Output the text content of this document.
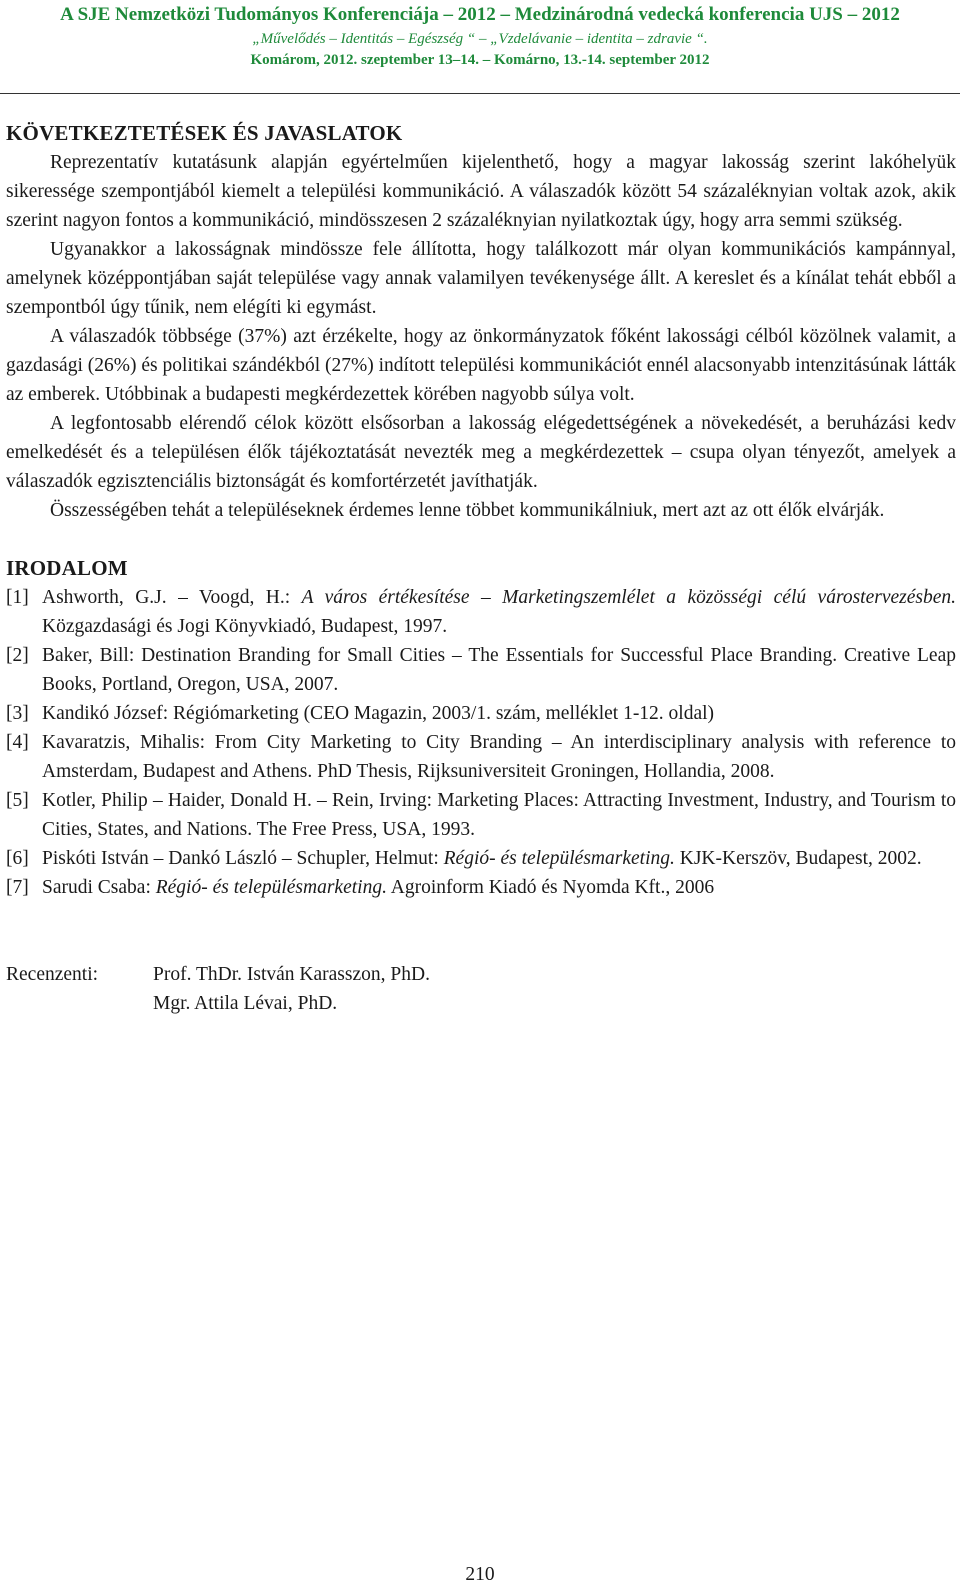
A SJE Nemzetközi Tudományos Konferenciája – 2012 – Medzinárodná vedecká konferencia UJS – 2012
„Művelődés – Identitás – Egészség “ – „Vzdelávanie – identita – zdravie “.
Komárom, 2012. szeptember 13–14. – Komárno, 13.-14. september 2012
KÖVETKEZTETÉSEK ÉS JAVASLATOK

Reprezentatív kutatásunk alapján egyértelműen kijelenthető, hogy a magyar lakosság szerint lakóhelyük sikeressége szempontjából kiemelt a települési kommunikáció. A válaszadók között 54 százaléknyian voltak azok, akik szerint nagyon fontos a kommunikáció, mindösszesen 2 százaléknyian nyilatkoztak úgy, hogy arra semmi szükség.

Ugyanakkor a lakosságnak mindössze fele állította, hogy találkozott már olyan kommunikációs kampánnyal, amelynek középpontjában saját települése vagy annak valamilyen tevékenysége állt. A kereslet és a kínálat tehát ebből a szempontból úgy tűnik, nem elégíti ki egymást.

A válaszadók többsége (37%) azt érzékelte, hogy az önkormányzatok főként lakossági célból közölnek valamit, a gazdasági (26%) és politikai szándékból (27%) indított települési kommunikációt ennél alacsonyabb intenzitásúnak látták az emberek. Utóbbinak a budapesti megkérdezettek körében nagyobb súlya volt.

A legfontosabb elérendő célok között elsősorban a lakosság elégedettségének a növekedését, a beruházási kedv emelkedését és a településen élők tájékoztatását nevezték meg a megkérdezettek – csupa olyan tényezőt, amelyek a válaszadók egzisztenciális biztonságát és komfortérzetét javíthatják.

Összességében tehát a településeknek érdemes lenne többet kommunikálniuk, mert azt az ott élők elvárják.

IRODALOM
[1] Ashworth, G.J. – Voogd, H.: A város értékesítése – Marketingszemlélet a közösségi célú várostervezésben. Közgazdasági és Jogi Könyvkiadó, Budapest, 1997.
[2] Baker, Bill: Destination Branding for Small Cities – The Essentials for Successful Place Branding. Creative Leap Books, Portland, Oregon, USA, 2007.
[3] Kandikó József: Régiómarketing (CEO Magazin, 2003/1. szám, melléklet 1-12. oldal)
[4] Kavaratzis, Mihalis: From City Marketing to City Branding – An interdisciplinary analysis with reference to Amsterdam, Budapest and Athens. PhD Thesis, Rijksuniversiteit Groningen, Hollandia, 2008.
[5] Kotler, Philip – Haider, Donald H. – Rein, Irving: Marketing Places: Attracting Investment, Industry, and Tourism to Cities, States, and Nations. The Free Press, USA, 1993.
[6] Piskóti István – Dankó László – Schupler, Helmut: Régió- és településmarketing. KJK-Kerszöv, Budapest, 2002.
[7] Sarudi Csaba: Régió- és településmarketing. Agroinform Kiadó és Nyomda Kft., 2006
Recenzenti:	Prof. ThDr. István Karasszon, PhD.
Mgr. Attila Lévai, PhD.
210
